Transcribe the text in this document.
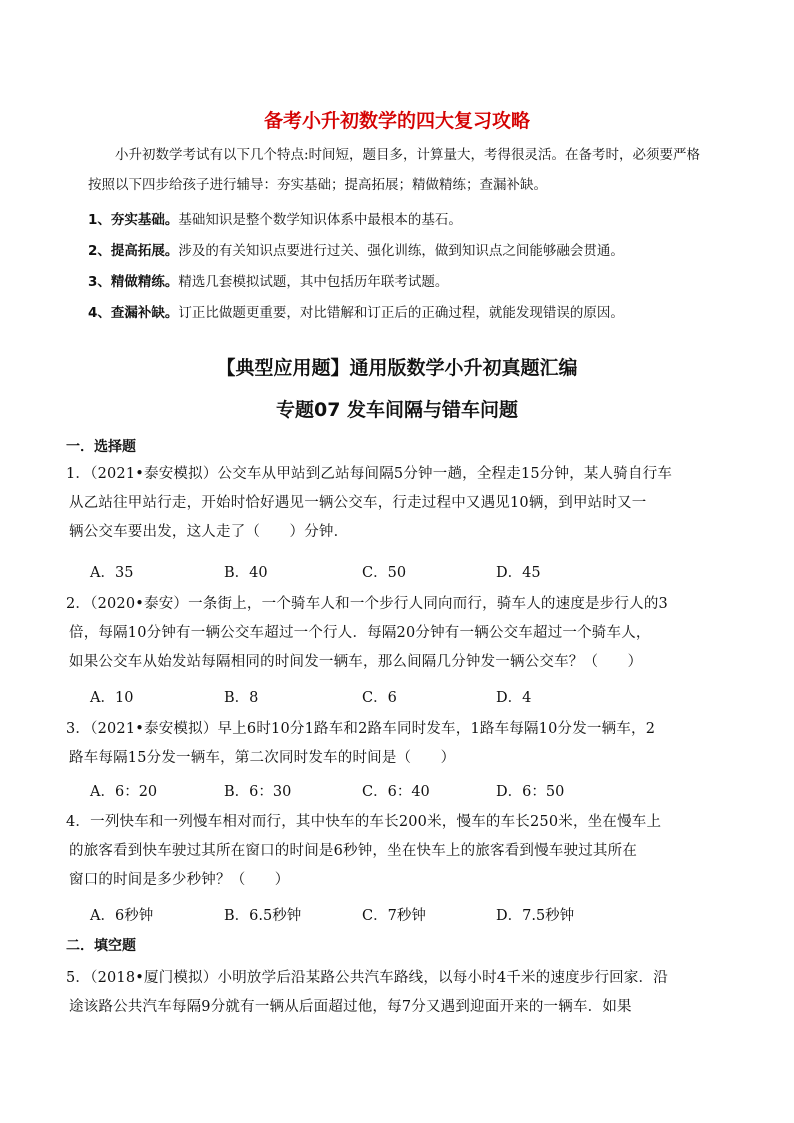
备考小升初数学的四大复习攻略
小升初数学考试有以下几个特点:时间短，题目多，计算量大，考得很灵活。在备考时，必须要严格
按照以下四步给孩子进行辅导：夯实基础；提高拓展；精做精练；查漏补缺。
1、夯实基础。基础知识是整个数学知识体系中最根本的基石。
2、提高拓展。涉及的有关知识点要进行过关、强化训练，做到知识点之间能够融会贯通。
3、精做精练。精选几套模拟试题，其中包括历年联考试题。
4、查漏补缺。订正比做题更重要，对比错解和订正后的正确过程，就能发现错误的原因。
【典型应用题】通用版数学小升初真题汇编
专题07 发车间隔与错车问题
一．选择题
1．（2021•泰安模拟）公交车从甲站到乙站每间隔5分钟一趟，全程走15分钟，某人骑自行车
从乙站往甲站行走，开始时恰好遇见一辆公交车，行走过程中又遇见10辆，到甲站时又一
辆公交车要出发，这人走了（　　）分钟．
A．35	B．40	C．50	D．45
2．（2020•泰安）一条街上，一个骑车人和一个步行人同向而行，骑车人的速度是步行人的3
倍，每隔10分钟有一辆公交车超过一个行人．每隔20分钟有一辆公交车超过一个骑车人，
如果公交车从始发站每隔相同的时间发一辆车，那么间隔几分钟发一辆公交车？（　　）
A．10	B．8	C．6	D．4
3．（2021•泰安模拟）早上6时10分1路车和2路车同时发车，1路车每隔10分发一辆车，2
路车每隔15分发一辆车，第二次同时发车的时间是（　　）
A．6：20	B．6：30	C．6：40	D．6：50
4．一列快车和一列慢车相对而行，其中快车的车长200米，慢车的车长250米，坐在慢车上
的旅客看到快车驶过其所在窗口的时间是6秒钟，坐在快车上的旅客看到慢车驶过其所在
窗口的时间是多少秒钟？（　　）
A．6秒钟	B．6.5秒钟	C．7秒钟	D．7.5秒钟
二．填空题
5．（2018•厦门模拟）小明放学后沿某路公共汽车路线，以每小时4千米的速度步行回家．沿
途该路公共汽车每隔9分就有一辆从后面超过他，每7分又遇到迎面开来的一辆车．如果
